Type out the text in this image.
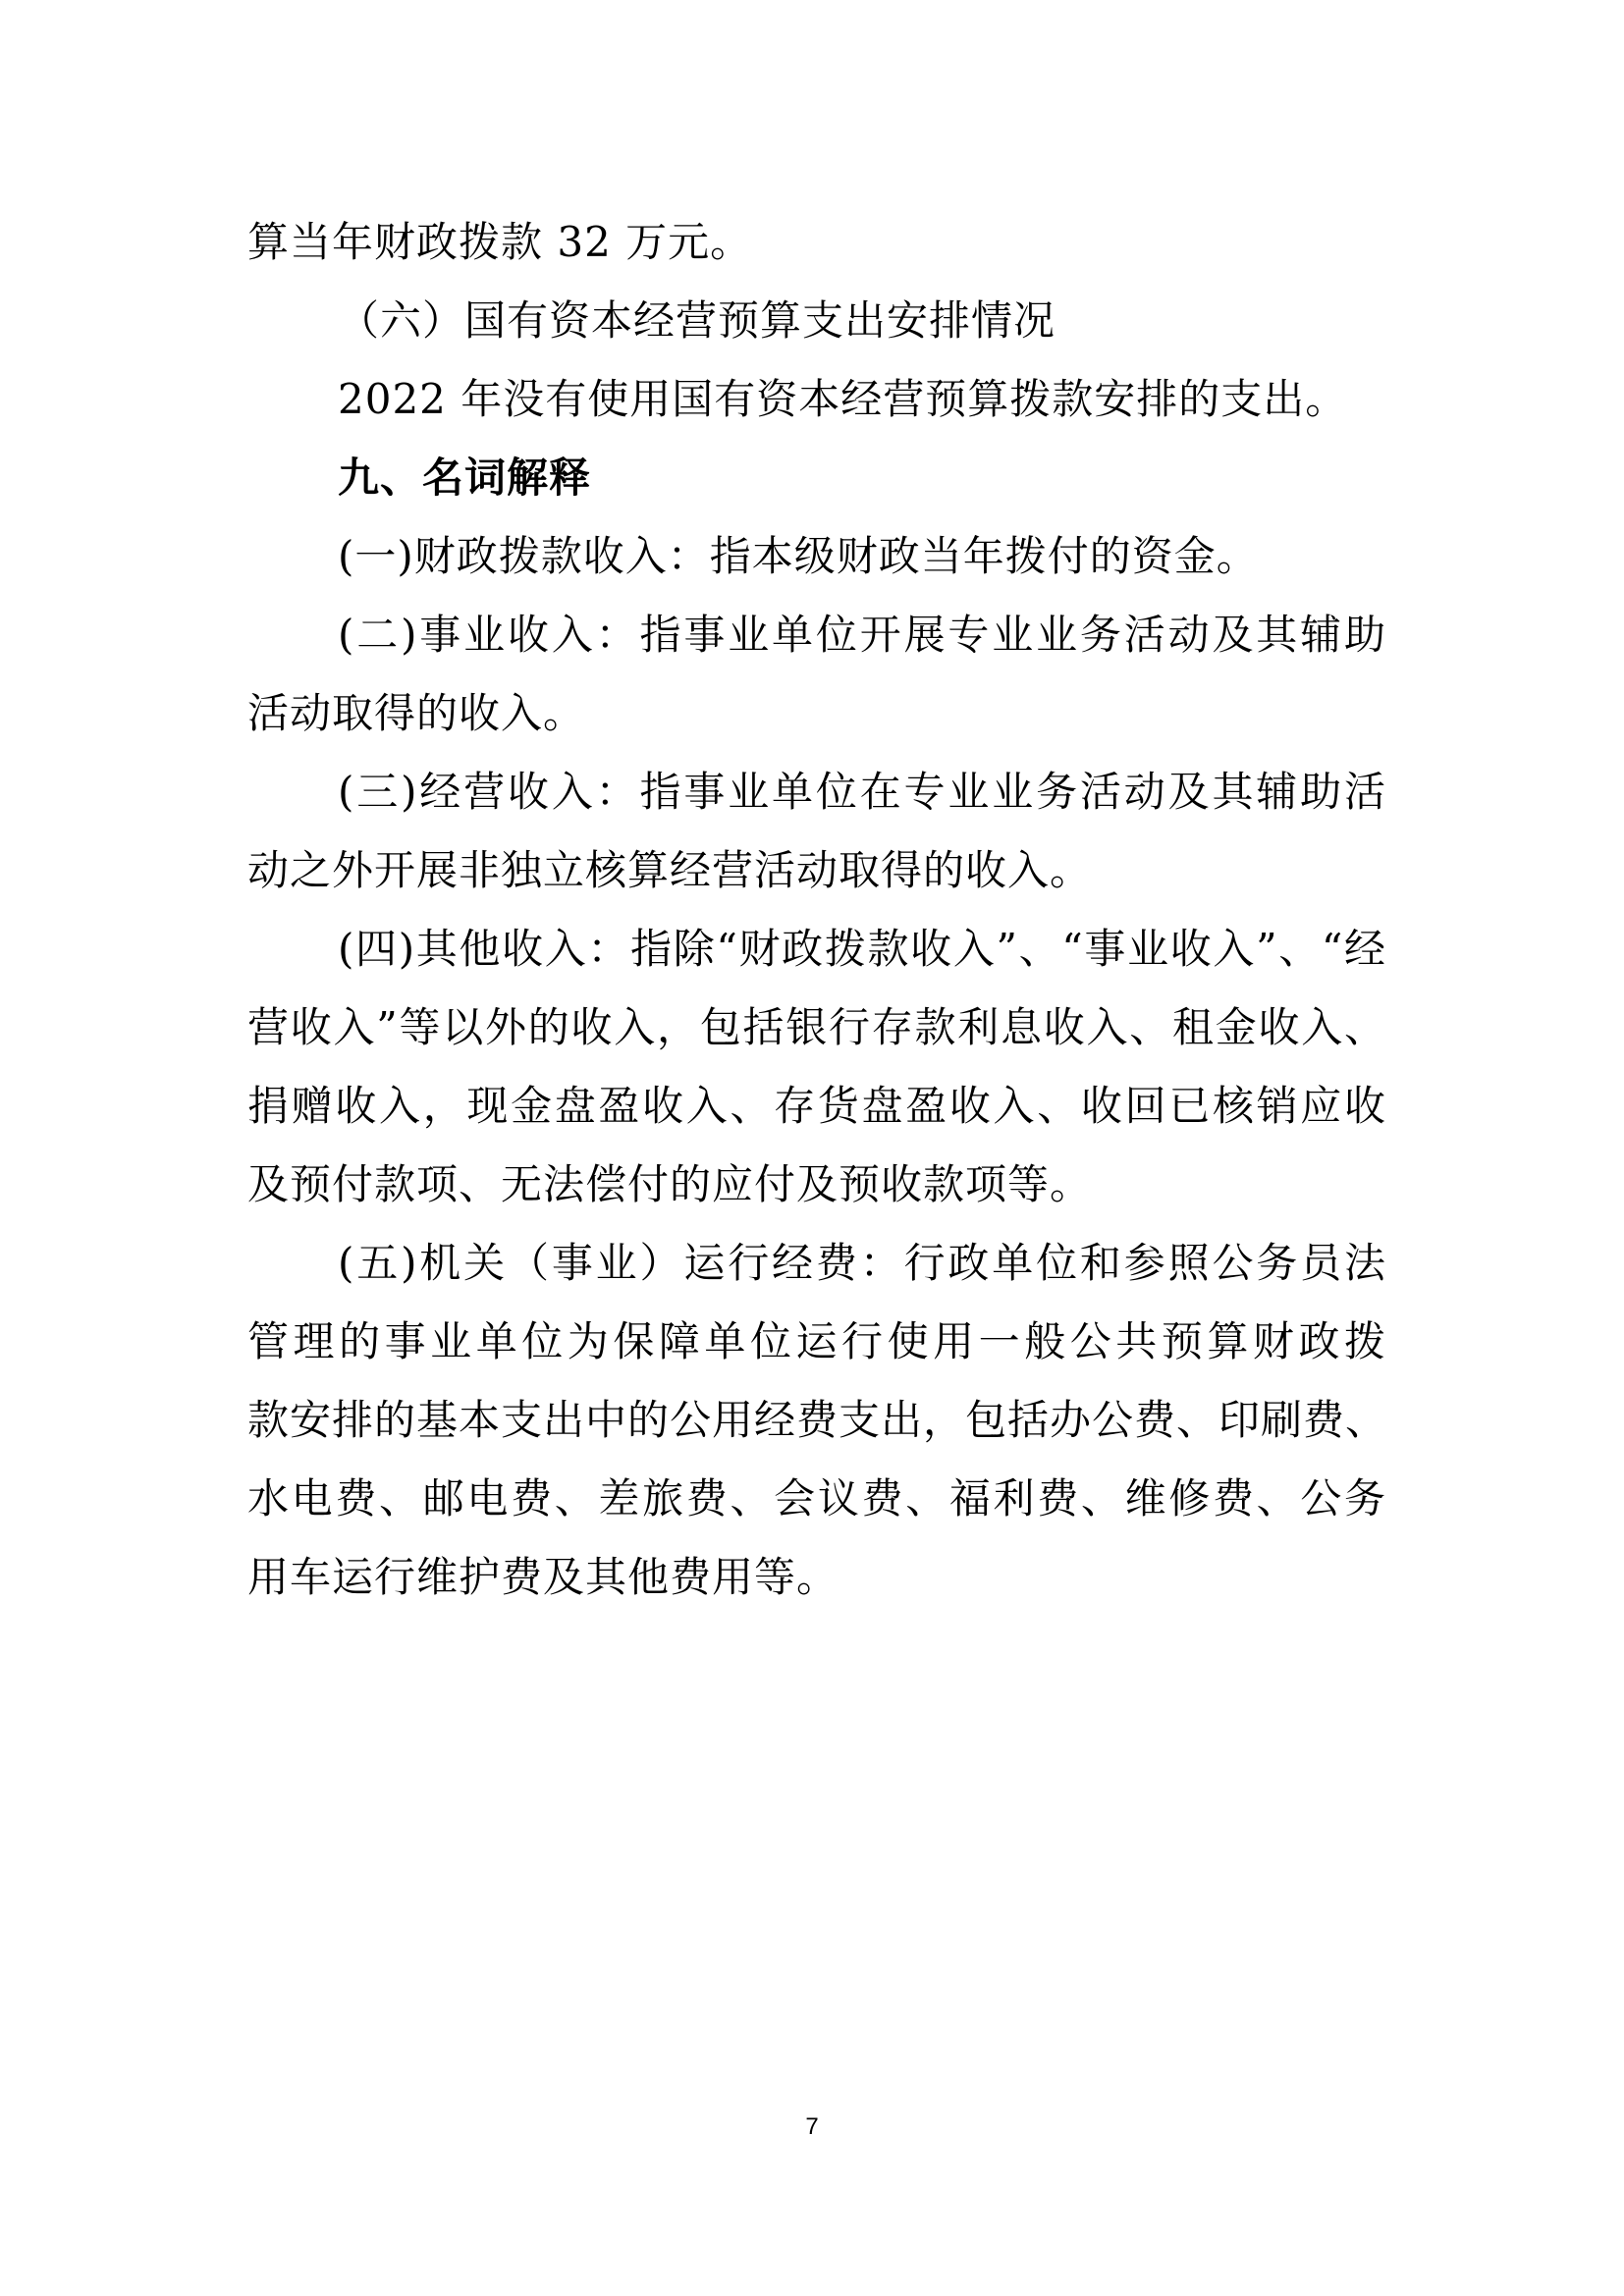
算当年财政拨款 32 万元。
（六）国有资本经营预算支出安排情况
2022 年没有使用国有资本经营预算拨款安排的支出。
九、名词解释
(一)财政拨款收入：指本级财政当年拨付的资金。
(二)事业收入：指事业单位开展专业业务活动及其辅助
活动取得的收入。
(三)经营收入：指事业单位在专业业务活动及其辅助活
动之外开展非独立核算经营活动取得的收入。
(四)其他收入：指除“财政拨款收入”、“事业收入”、“经
营收入”等以外的收入，包括银行存款利息收入、租金收入、
捐赠收入，现金盘盈收入、存货盘盈收入、收回已核销应收
及预付款项、无法偿付的应付及预收款项等。
(五)机关（事业）运行经费：行政单位和参照公务员法
管理的事业单位为保障单位运行使用一般公共预算财政拨
款安排的基本支出中的公用经费支出，包括办公费、印刷费、
水电费、邮电费、差旅费、会议费、福利费、维修费、公务
用车运行维护费及其他费用等。
7
